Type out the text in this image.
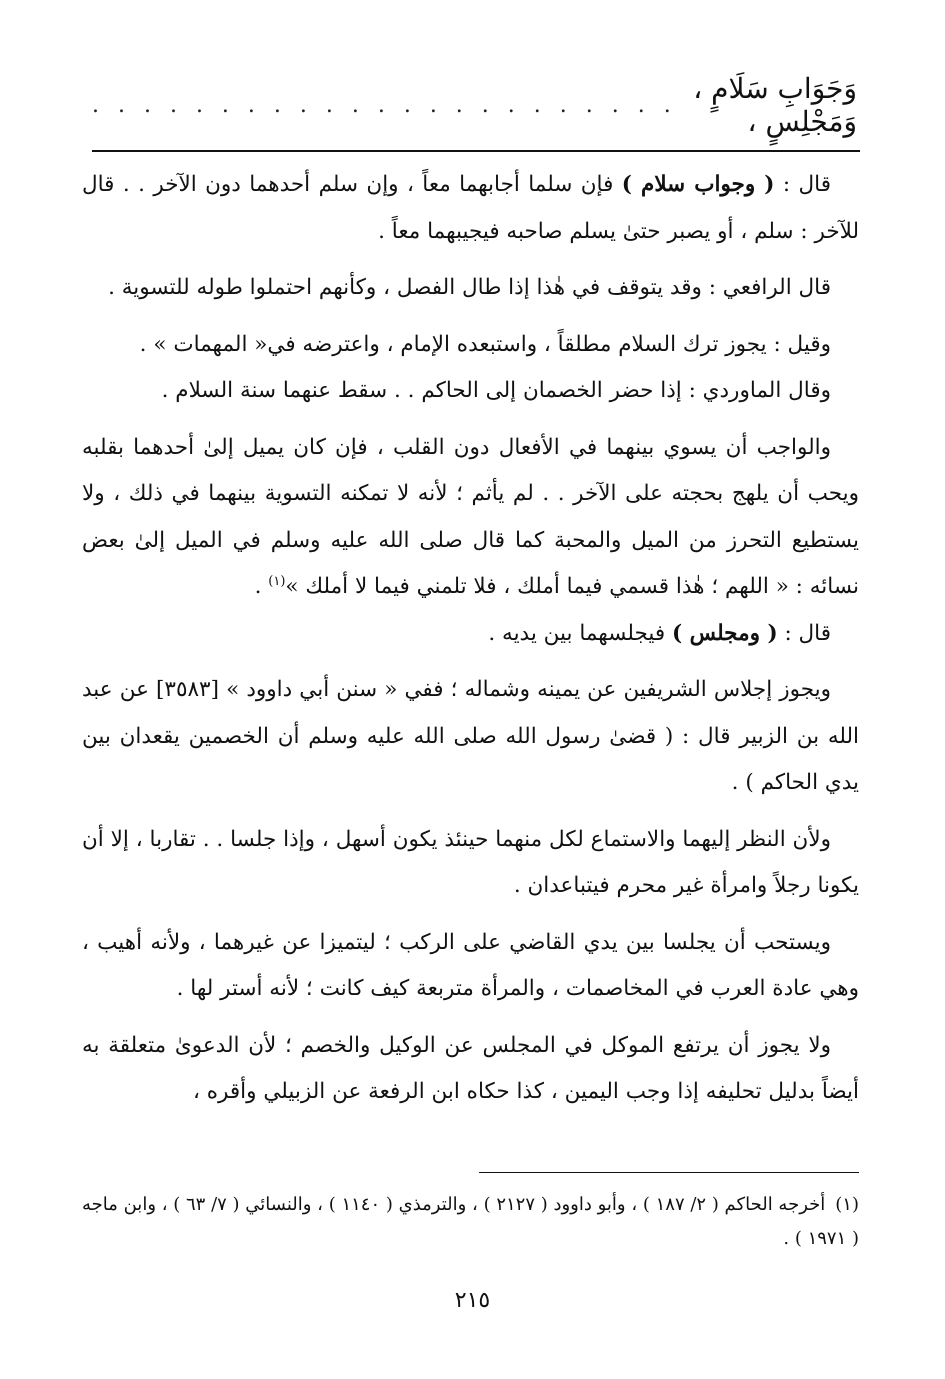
وَجَوَابِ سَلَامٍ ، وَمَجْلِسٍ ،
. . . . . . . . . . . . . . . . . . . . . . .

قال : ( وجواب سلام ) فإن سلما أجابهما معاً ، وإن سلم أحدهما دون الآخر . . قال للآخر : سلم ، أو يصبر حتىٰ يسلم صاحبه فيجيبهما معاً .

قال الرافعي : وقد يتوقف في هٰذا إذا طال الفصل ، وكأنهم احتملوا طوله للتسوية .

وقيل : يجوز ترك السلام مطلقاً ، واستبعده الإمام ، واعترضه في« المهمات » .

وقال الماوردي : إذا حضر الخصمان إلى الحاكم . . سقط عنهما سنة السلام .

والواجب أن يسوي بينهما في الأفعال دون القلب ، فإن كان يميل إلىٰ أحدهما بقلبه ويحب أن يلهج بحجته على الآخر . . لم يأثم ؛ لأنه لا تمكنه التسوية بينهما في ذلك ، ولا يستطيع التحرز من الميل والمحبة كما قال صلى الله عليه وسلم في الميل إلىٰ بعض نسائه : « اللهم ؛ هٰذا قسمي فيما أملك ، فلا تلمني فيما لا أملك »$^{(١)}$ .

قال : ( ومجلس ) فيجلسهما بين يديه .

ويجوز إجلاس الشريفين عن يمينه وشماله ؛ ففي « سنن أبي داوود » [٣٥٨٣] عن عبد الله بن الزبير قال : ( قضىٰ رسول الله صلى الله عليه وسلم أن الخصمين يقعدان بين يدي الحاكم ) .

ولأن النظر إليهما والاستماع لكل منهما حينئذ يكون أسهل ، وإذا جلسا . . تقاربا ، إلا أن يكونا رجلاً وامرأة غير محرم فيتباعدان .

ويستحب أن يجلسا بين يدي القاضي على الركب ؛ ليتميزا عن غيرهما ، ولأنه أهيب ، وهي عادة العرب في المخاصمات ، والمرأة متربعة كيف كانت ؛ لأنه أستر لها .

ولا يجوز أن يرتفع الموكل في المجلس عن الوكيل والخصم ؛ لأن الدعوىٰ متعلقة به أيضاً بدليل تحليفه إذا وجب اليمين ، كذا حكاه ابن الرفعة عن الزبيلي وأقره ،

(١)أخرجه الحاكم ( ٢/ ١٨٧ ) ، وأبو داوود ( ٢١٢٧ ) ، والترمذي ( ١١٤٠ ) ، والنسائي ( ٧/ ٦٣ ) ، وابن ماجه ( ١٩٧١ ) .
٢١٥
